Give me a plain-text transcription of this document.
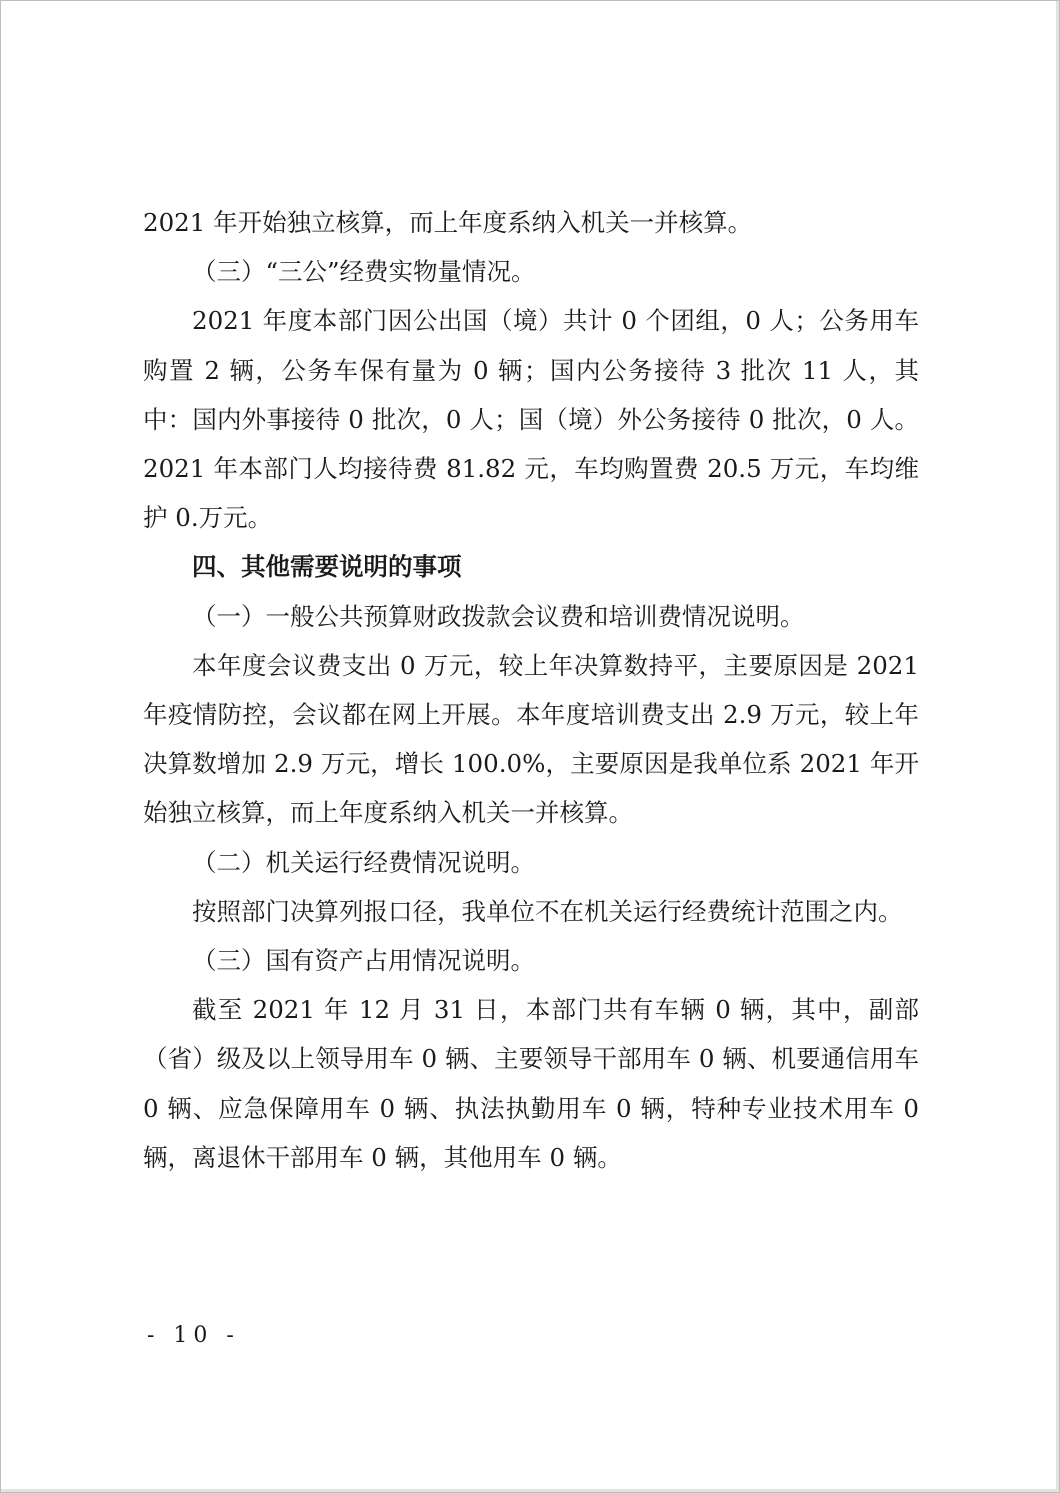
2021 年开始独立核算，而上年度系纳入机关一并核算。

（三）“三公”经费实物量情况。

2021 年度本部门因公出国（境）共计 0 个团组，0 人；公务用车购置 2 辆，公务车保有量为 0 辆；国内公务接待 3 批次 11 人，其中：国内外事接待 0 批次，0 人；国（境）外公务接待 0 批次，0 人。2021 年本部门人均接待费 81.82 元，车均购置费 20.5 万元，车均维护 0.万元。

四、其他需要说明的事项

（一）一般公共预算财政拨款会议费和培训费情况说明。

本年度会议费支出 0 万元，较上年决算数持平，主要原因是 2021 年疫情防控，会议都在网上开展。本年度培训费支出 2.9 万元，较上年决算数增加 2.9 万元，增长 100.0%，主要原因是我单位系 2021 年开始独立核算，而上年度系纳入机关一并核算。

（二）机关运行经费情况说明。

按照部门决算列报口径，我单位不在机关运行经费统计范围之内。

（三）国有资产占用情况说明。

截至 2021 年 12 月 31 日，本部门共有车辆 0 辆，其中，副部（省）级及以上领导用车 0 辆、主要领导干部用车 0 辆、机要通信用车 0 辆、应急保障用车 0 辆、执法执勤用车 0 辆，特种专业技术用车 0 辆，离退休干部用车 0 辆，其他用车 0 辆。

- 10 -
